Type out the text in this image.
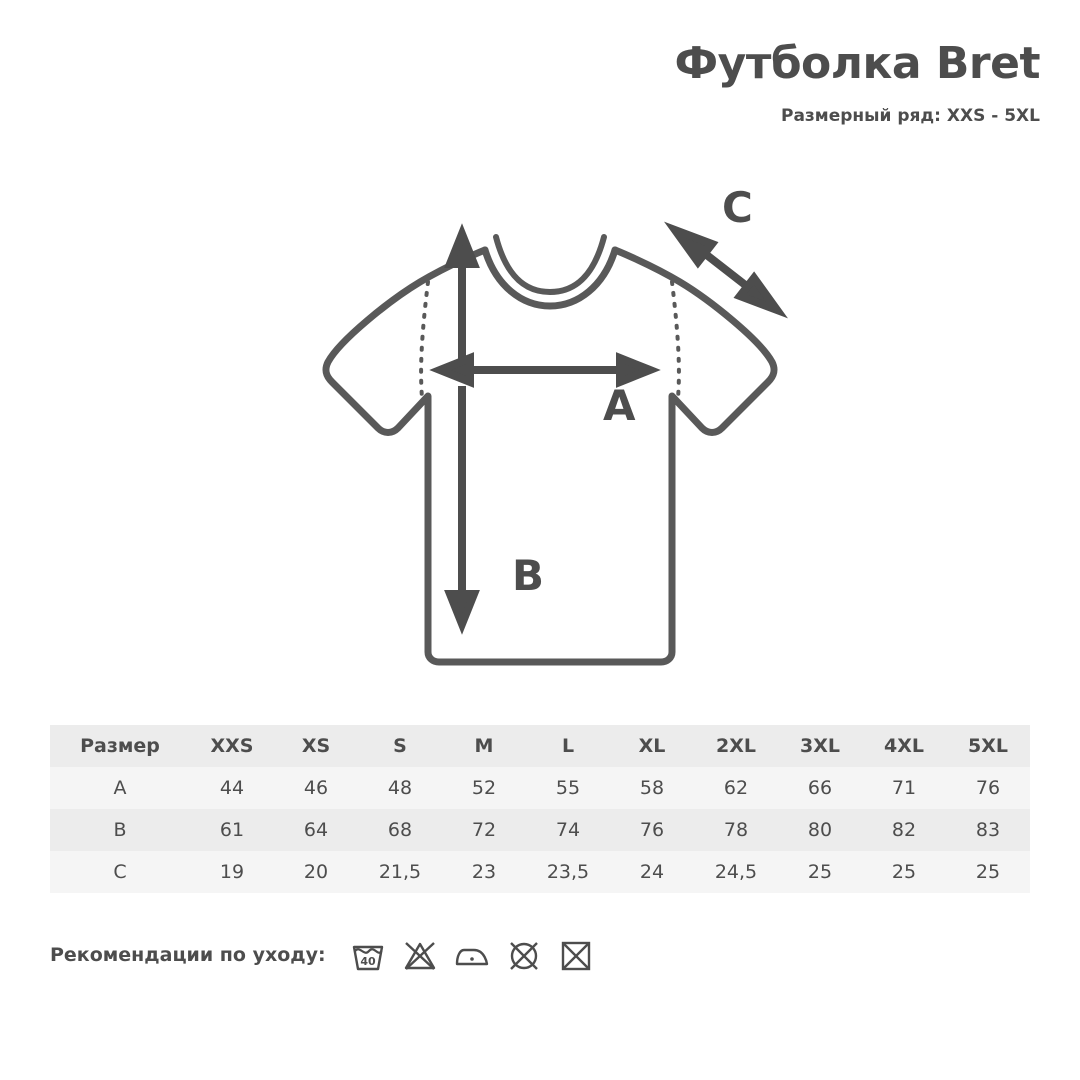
Футболка Bret
Размерный ряд: XXS - 5XL
A
B
C
Размер	XXS	XS	S	M	L	XL	2XL	3XL	4XL	5XL
A	44	46	48	52	55	58	62	66	71	76
B	61	64	68	72	74	76	78	80	82	83
C	19	20	21,5	23	23,5	24	24,5	25	25	25
Рекомендации по уходу:	40
